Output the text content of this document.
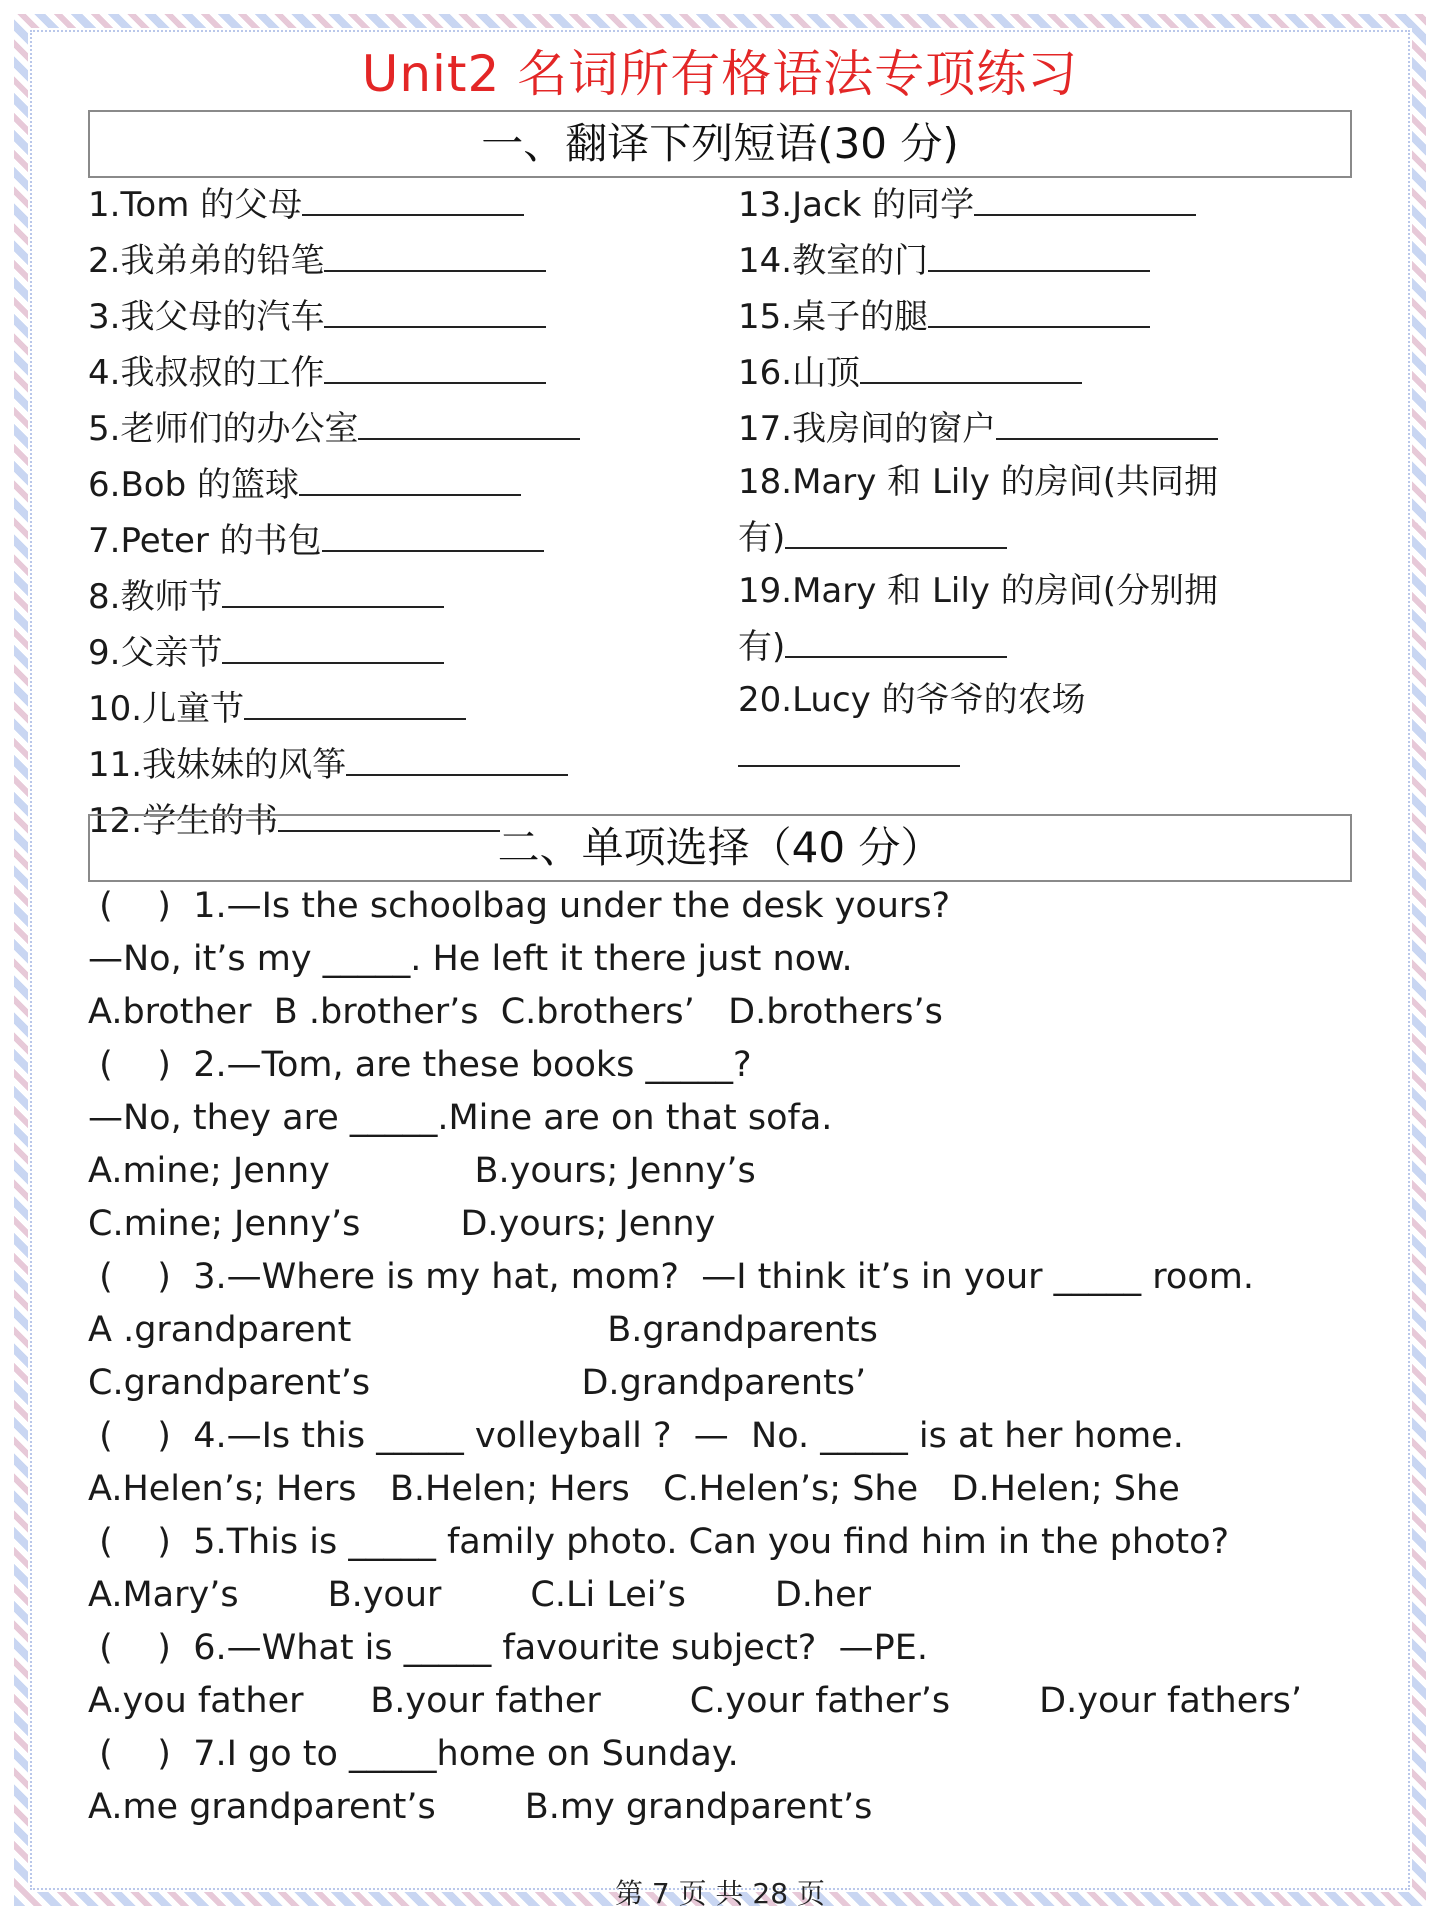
Unit2 名词所有格语法专项练习
一、翻译下列短语(30 分)
1.Tom 的父母
2.我弟弟的铅笔
3.我父母的汽车
4.我叔叔的工作
5.老师们的办公室
6.Bob 的篮球
7.Peter 的书包
8.教师节
9.父亲节
10.儿童节
11.我妹妹的风筝
12.学生的书
13.Jack 的同学
14.教室的门
15.桌子的腿
16.山顶
17.我房间的窗户
18.Mary 和 Lily 的房间(共同拥
有)
19.Mary 和 Lily 的房间(分别拥
有)
20.Lucy 的爷爷的农场
二、单项选择（40 分）
(    )  1.—Is the schoolbag under the desk yours?
—No, it’s my _____. He left it there just now.
A.brother  B .brother’s  C.brothers’   D.brothers’s
(    )  2.—Tom, are these books _____?
—No, they are _____.Mine are on that sofa.
A.mine; Jenny             B.yours; Jenny’s
C.mine; Jenny’s         D.yours; Jenny
(    )  3.—Where is my hat, mom?  —I think it’s in your _____ room.
A .grandparent                       B.grandparents
C.grandparent’s                   D.grandparents’
(    )  4.—Is this _____ volleyball ?  —  No. _____ is at her home.
A.Helen’s; Hers   B.Helen; Hers   C.Helen’s; She   D.Helen; She
(    )  5.This is _____ family photo. Can you find him in the photo?
A.Mary’s        B.your        C.Li Lei’s        D.her
(    )  6.—What is _____ favourite subject?  —PE.
A.you father      B.your father        C.your father’s        D.your fathers’
(    )  7.I go to _____home on Sunday.
A.me grandparent’s        B.my grandparent’s
第 7 页 共 28 页
